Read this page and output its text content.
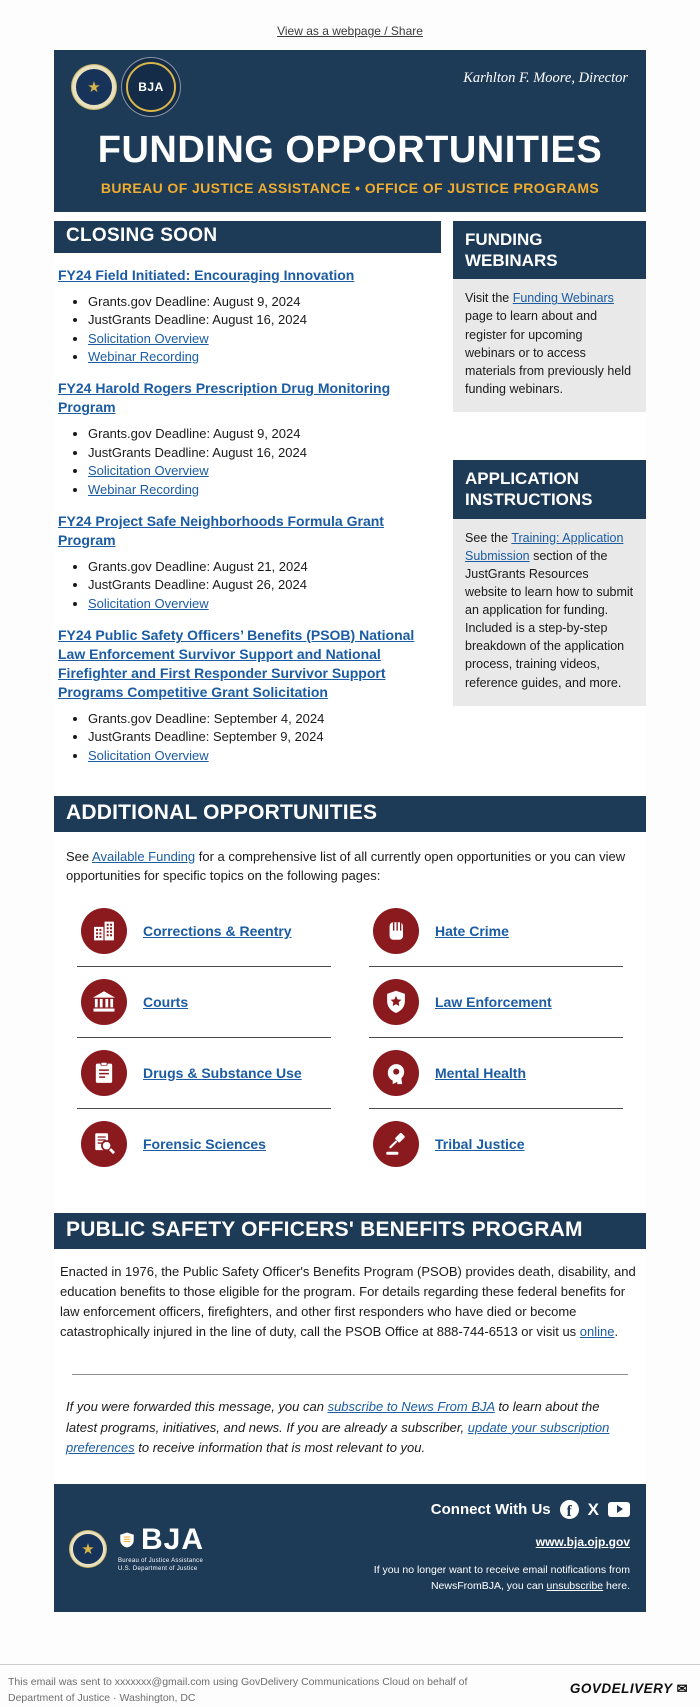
View as a webpage / Share
★	BJA
Karhlton F. Moore, Director
FUNDING OPPORTUNITIES
BUREAU OF JUSTICE ASSISTANCE • OFFICE OF JUSTICE PROGRAMS
CLOSING SOON
FY24 Field Initiated: Encouraging Innovation
• Grants.gov Deadline: August 9, 2024
• JustGrants Deadline: August 16, 2024
• Solicitation Overview
• Webinar Recording
FY24 Harold Rogers Prescription Drug Monitoring Program
• Grants.gov Deadline: August 9, 2024
• JustGrants Deadline: August 16, 2024
• Solicitation Overview
• Webinar Recording
FY24 Project Safe Neighborhoods Formula Grant Program
• Grants.gov Deadline: August 21, 2024
• JustGrants Deadline: August 26, 2024
• Solicitation Overview
FY24 Public Safety Officers’ Benefits (PSOB) National Law Enforcement Survivor Support and National Firefighter and First Responder Survivor Support Programs Competitive Grant Solicitation
• Grants.gov Deadline: September 4, 2024
• JustGrants Deadline: September 9, 2024
• Solicitation Overview
FUNDING WEBINARS
Visit the Funding Webinars page to learn about and register for upcoming webinars or to access materials from previously held funding webinars.
APPLICATION INSTRUCTIONS
See the Training: Application Submission section of the JustGrants Resources website to learn how to submit an application for funding. Included is a step-by-step breakdown of the application process, training videos, reference guides, and more.
ADDITIONAL OPPORTUNITIES
See Available Funding for a comprehensive list of all currently open opportunities or you can view opportunities for specific topics on the following pages:
Corrections & Reentry	Hate Crime
Courts	Law Enforcement
Drugs & Substance Use	Mental Health
Forensic Sciences	Tribal Justice
PUBLIC SAFETY OFFICERS' BENEFITS PROGRAM
Enacted in 1976, the Public Safety Officer's Benefits Program (PSOB) provides death, disability, and education benefits to those eligible for the program. For details regarding these federal benefits for law enforcement officers, firefighters, and other first responders who have died or become catastrophically injured in the line of duty, call the PSOB Office at 888-744-6513 or visit us online.
If you were forwarded this message, you can subscribe to News From BJA to learn about the latest programs, initiatives, and news. If you are already a subscriber, update your subscription preferences to receive information that is most relevant to you.
★ BJA
Bureau of Justice Assistance
U.S. Department of Justice
Connect With Us f X
www.bja.ojp.gov
If you no longer want to receive email notifications from NewsFromBJA, you can unsubscribe here.
This email was sent to xxxxxxx@gmail.com using GovDelivery Communications Cloud on behalf of Department of Justice · Washington, DC
GOVDELIVERY ✉
